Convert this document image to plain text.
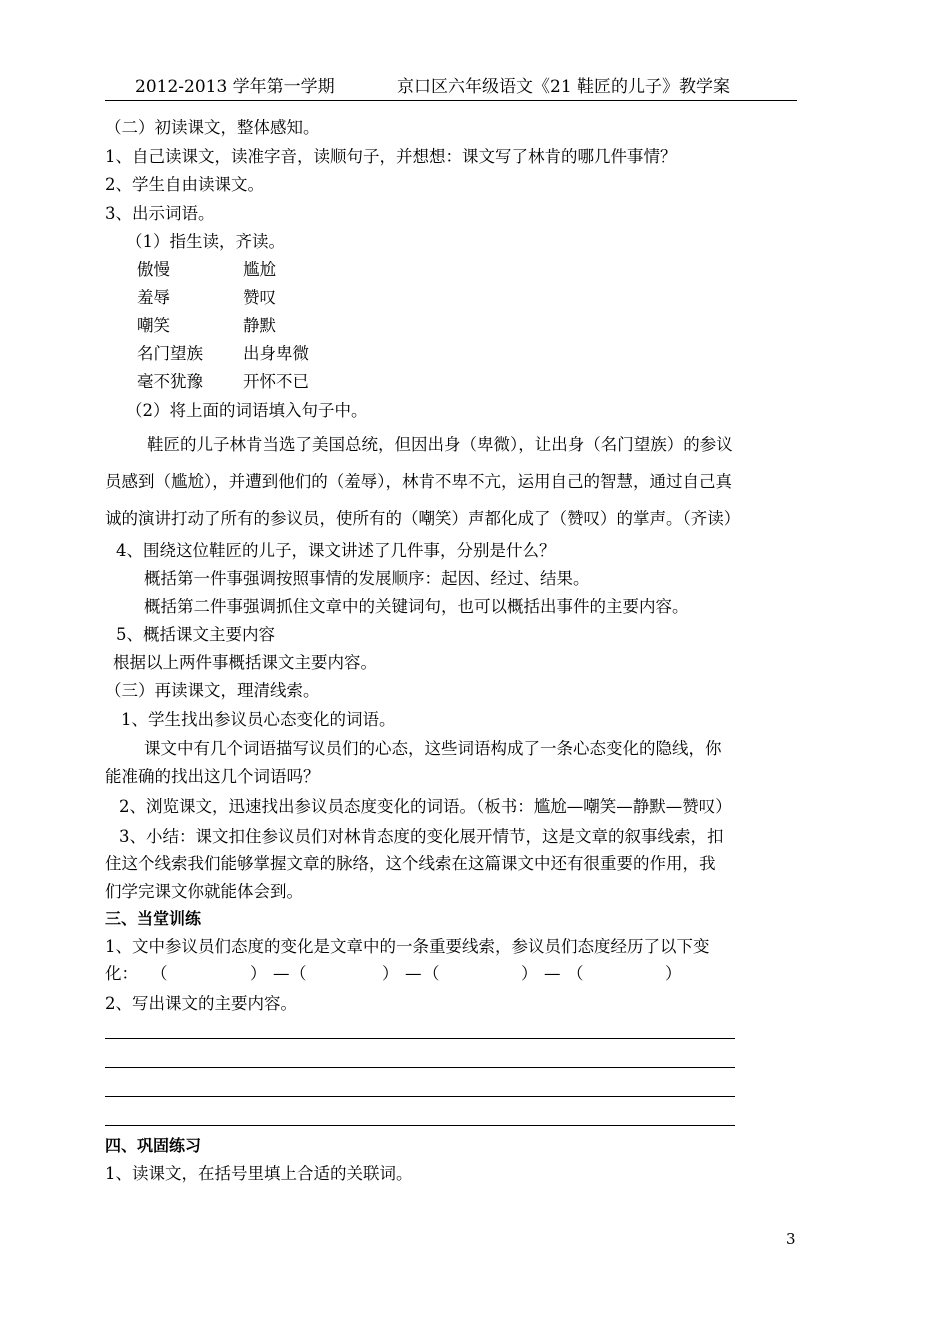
2012-2013 学年第一学期	京口区六年级语文《21 鞋匠的儿子》教学案
（二）初读课文，整体感知。
1、自己读课文，读准字音，读顺句子，并想想：课文写了林肯的哪几件事情？
2、学生自由读课文。
3、出示词语。
（1）指生读，齐读。
傲慢	尴尬
羞辱	赞叹
嘲笑	静默
名门望族 出身卑微
毫不犹豫 开怀不已
（2）将上面的词语填入句子中。
鞋匠的儿子林肯当选了美国总统，但因出身（卑微），让出身（名门望族）的参议
员感到（尴尬），并遭到他们的（羞辱），林肯不卑不亢，运用自己的智慧，通过自己真
诚的演讲打动了所有的参议员，使所有的（嘲笑）声都化成了（赞叹）的掌声。（齐读）
4、围绕这位鞋匠的儿子，课文讲述了几件事，分别是什么？
概括第一件事强调按照事情的发展顺序：起因、经过、结果。
概括第二件事强调抓住文章中的关键词句，也可以概括出事件的主要内容。
5、概括课文主要内容
根据以上两件事概括课文主要内容。
（三）再读课文，理清线索。
1、学生找出参议员心态变化的词语。
课文中有几个词语描写议员们的心态，这些词语构成了一条心态变化的隐线，你
能准确的找出这几个词语吗？
2、浏览课文，迅速找出参议员态度变化的词语。（板书：尴尬—嘲笑—静默—赞叹）
3、小结：课文扣住参议员们对林肯态度的变化展开情节，这是文章的叙事线索，扣
住这个线索我们能够掌握文章的脉络，这个线索在这篇课文中还有很重要的作用，我
们学完课文你就能体会到。
三、当堂训练
1、文中参议员们态度的变化是文章中的一条重要线索，参议员们态度经历了以下变
化： （	） — （	） — （	） — （	）
2、写出课文的主要内容。
四、巩固练习
1、读课文，在括号里填上合适的关联词。
3
